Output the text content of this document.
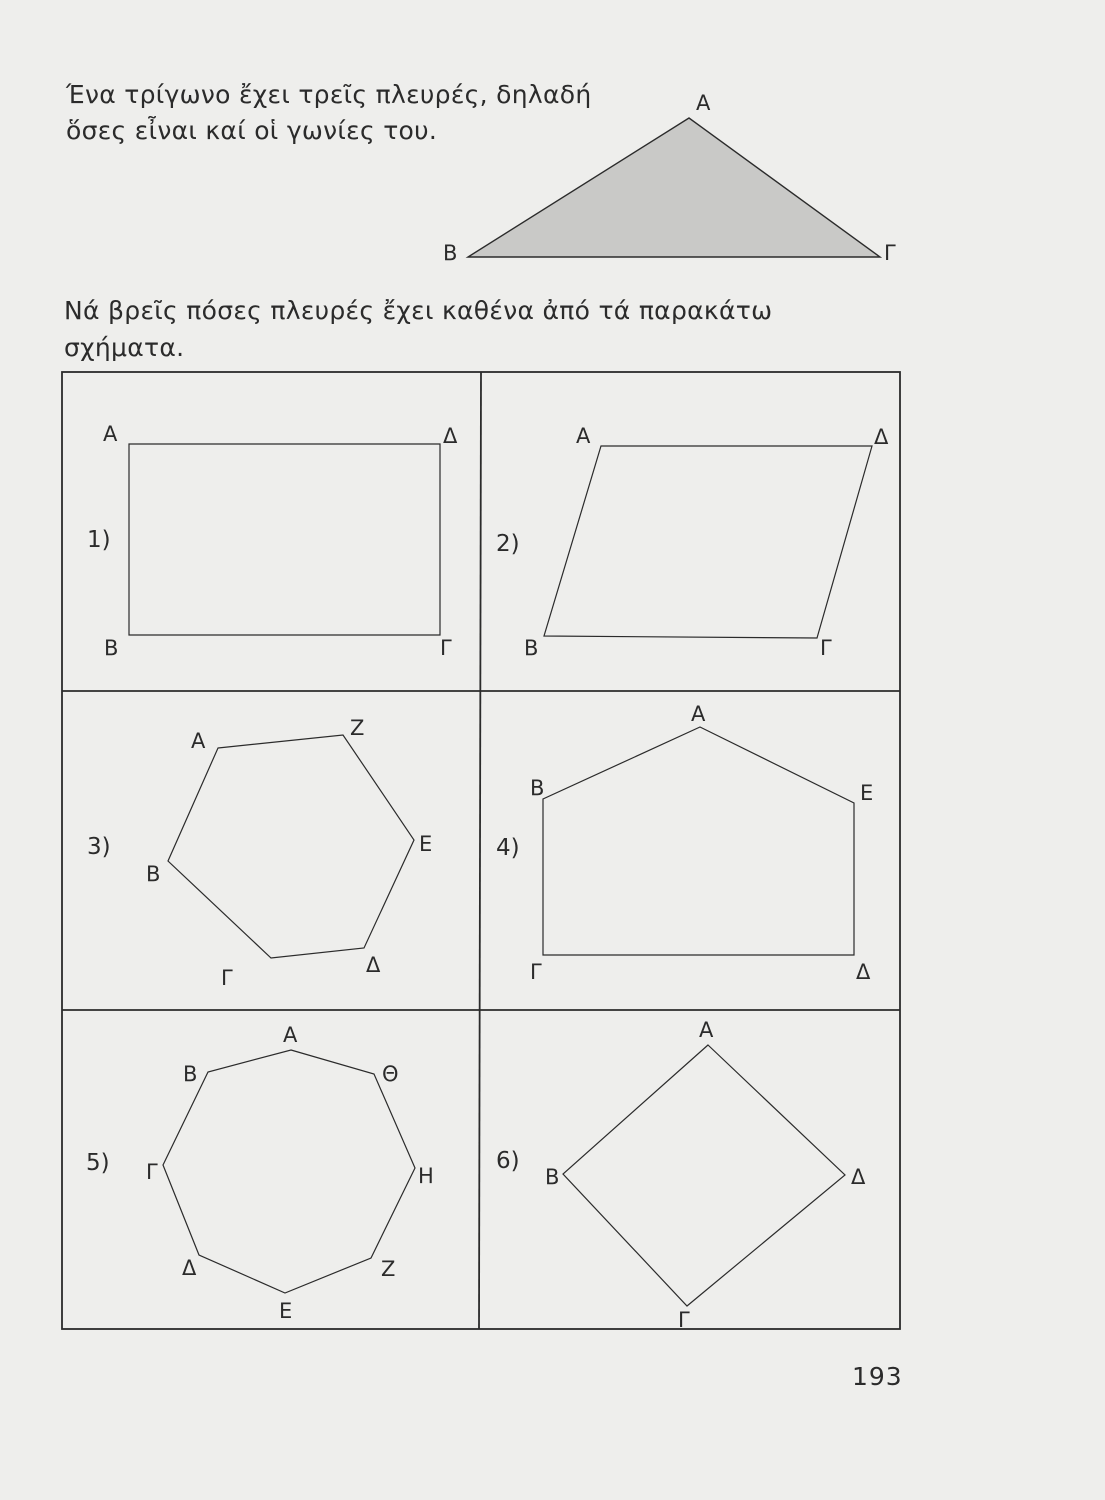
Ένα τρίγωνο ἔχει τρεῖς πλευρές, δηλαδή
ὅσες εἶναι καί οἱ γωνίες του.
Α
Β	Γ
Νά βρεῖς πόσες πλευρές ἔχει καθένα ἀπό τά παρακάτω
σχήματα.
1)
Α	Δ
Β	Γ
2)
Α	Δ
Β	Γ
3)
Α
Ζ
Ε
Β
Γ
Δ
4)
Α
Β	Ε
Γ	Δ
5)
Α
Β	Θ
Γ	Η
Δ	Ζ
Ε
6)
Α
Β	Δ
Γ
193
